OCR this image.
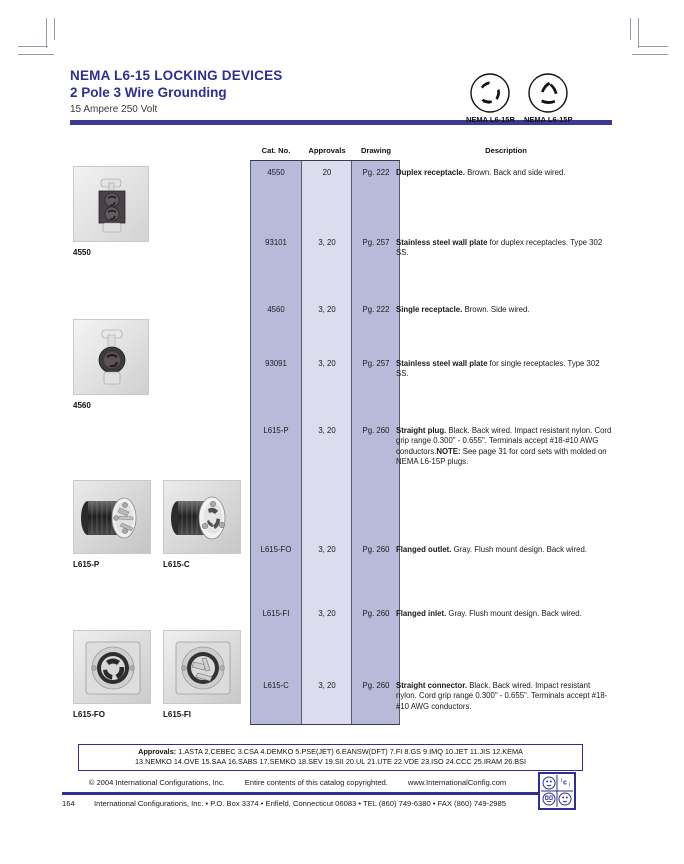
NEMA L6-15 LOCKING DEVICES
2 Pole 3 Wire Grounding
15 Ampere 250 Volt
NEMA L6-15R NEMA L6-15P
Cat. No.	Approvals	Drawing	Description
4550	20	Pg. 222 Duplex receptacle. Brown. Back and side wired.
93101	3, 20	Pg. 257 Stainless steel wall plate for duplex receptacles. Type 302 SS.
4560	3, 20	Pg. 222 Single receptacle. Brown. Side wired.
93091	3, 20	Pg. 257 Stainless steel wall plate for single receptacles. Type 302 SS.
L615-P	3, 20	Pg. 260 Straight plug. Black. Back wired. Impact resistant nylon. Cord grip range 0.300" - 0.655". Terminals accept #18-#10 AWG conductors.NOTE: See page 31 for cord sets with molded on NEMA L6-15P plugs.
L615-FO	3, 20	Pg. 260 Flanged outlet. Gray. Flush mount design. Back wired.
L615-FI	3, 20	Pg. 260 Flanged inlet. Gray. Flush mount design. Back wired.
L615-C	3, 20	Pg. 260 Straight connector. Black. Back wired. Impact resistant nylon. Cord grip range 0.300" - 0.655". Terminals accept #18-#10 AWG conductors.
4550
4560
L615-P	L615-C
L615-FO	L615-FI
Approvals: 1.ASTA 2.CEBEC 3.CSA 4.DEMKO 5.PSE(JET) 6.EANSW(DFT) 7.FI 8.GS 9.IMQ 10.JET 11.JIS 12.KEMA
13.NEMKO 14.OVE 15.SAA 16.SABS 17.SEMKO 18.SEV 19.SII 20.UL 21.UTE 22.VDE 23.ISO 24.CCC 25.IRAM 26.BSI
© 2004 International Configurations, Inc.	Entire contents of this catalog copyrighted.	www.InternationalConfig.com
International Configurations, Inc. • P.O. Box 3374 • Enfield, Connecticut 06083 • TEL (860) 749-6380 • FAX (860) 749-2985
164
I c I
